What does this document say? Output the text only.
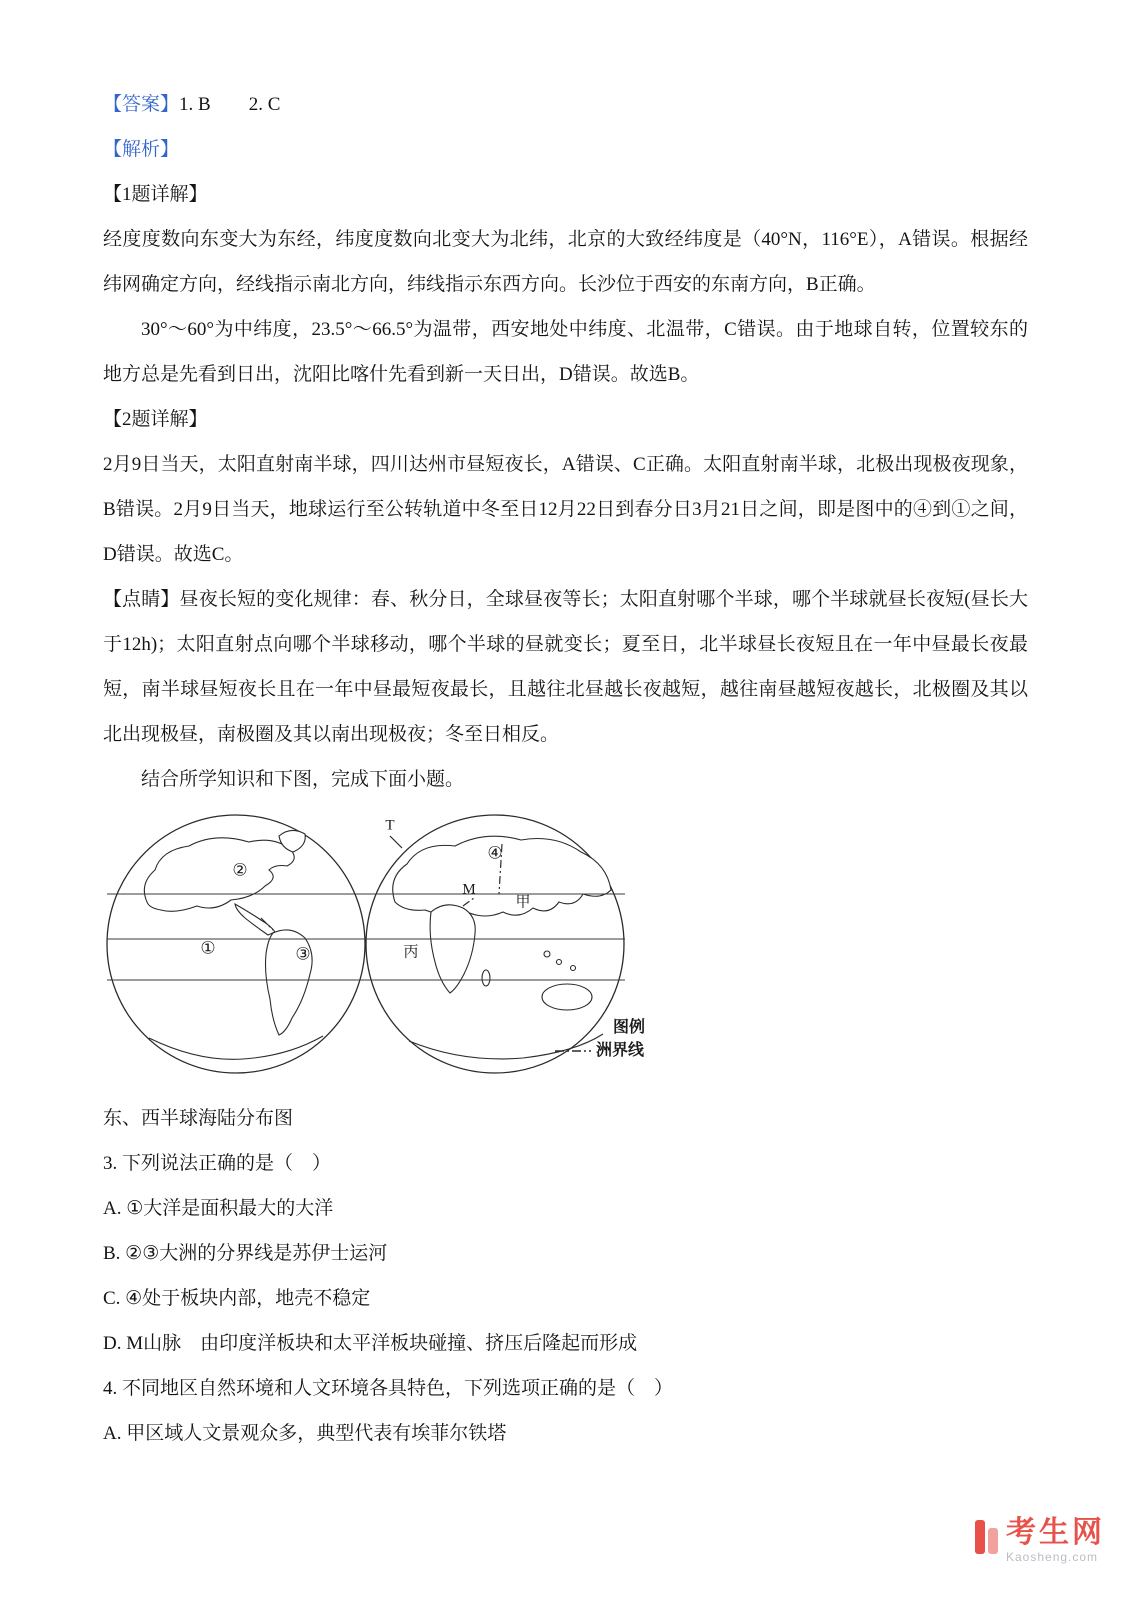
【答案】1. B　　2. C

【解析】

【1题详解】

经度度数向东变大为东经，纬度度数向北变大为北纬，北京的大致经纬度是（40°N，116°E），A错误。根据经纬网确定方向，经线指示南北方向，纬线指示东西方向。长沙位于西安的东南方向，B正确。

30°～60°为中纬度，23.5°～66.5°为温带，西安地处中纬度、北温带，C错误。由于地球自转，位置较东的地方总是先看到日出，沈阳比喀什先看到新一天日出，D错误。故选B。

【2题详解】

2月9日当天，太阳直射南半球，四川达州市昼短夜长，A错误、C正确。太阳直射南半球，北极出现极夜现象，B错误。2月9日当天，地球运行至公转轨道中冬至日12月22日到春分日3月21日之间，即是图中的④到①之间，D错误。故选C。

【点睛】昼夜长短的变化规律：春、秋分日，全球昼夜等长；太阳直射哪个半球，哪个半球就昼长夜短(昼长大于12h)；太阳直射点向哪个半球移动，哪个半球的昼就变长；夏至日，北半球昼长夜短且在一年中昼最长夜最短，南半球昼短夜长且在一年中昼最短夜最长，且越往北昼越长夜越短，越往南昼越短夜越长，北极圈及其以北出现极昼，南极圈及其以南出现极夜；冬至日相反。

结合所学知识和下图，完成下面小题。

①
②
③
④
M
甲
丙
T
图例
洲界线

东、西半球海陆分布图

3. 下列说法正确的是（　）

A. ①大洋是面积最大的大洋

B. ②③大洲的分界线是苏伊士运河

C. ④处于板块内部，地壳不稳定

D. M山脉　由印度洋板块和太平洋板块碰撞、挤压后隆起而形成

4. 不同地区自然环境和人文环境各具特色，下列选项正确的是（　）

A. 甲区域人文景观众多，典型代表有埃菲尔铁塔

考生网
Kaosheng.com
